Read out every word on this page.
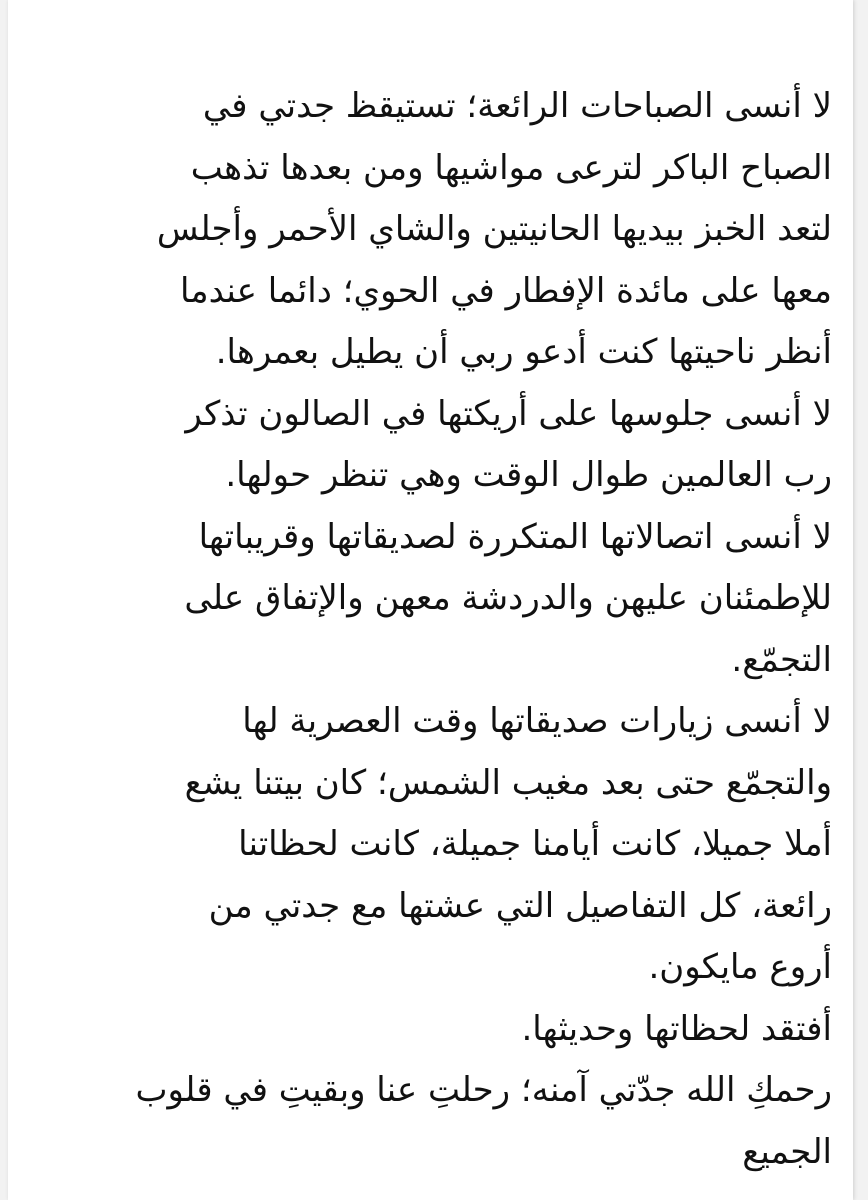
لا أنسى الصباحات الرائعة؛ تستيقظ جدتي في
الصباح الباكر لترعى مواشيها ومن بعدها تذهب
لتعد الخبز بيديها الحانيتين والشاي الأحمر وأجلس
معها على مائدة الإفطار في الحوي؛ دائما عندما
أنظر ناحيتها كنت أدعو ربي أن يطيل بعمرها.
لا أنسى جلوسها على أريكتها في الصالون تذكر
رب العالمين طوال الوقت وهي تنظر حولها.
لا أنسى اتصالاتها المتكررة لصديقاتها وقريباتها
للإطمئنان عليهن والدردشة معهن والإتفاق على
التجمّع.
لا أنسى زيارات صديقاتها وقت العصرية لها
والتجمّع حتى بعد مغيب الشمس؛ كان بيتنا يشع
أملا جميلا، كانت أيامنا جميلة، كانت لحظاتنا
رائعة، كل التفاصيل التي عشتها مع جدتي من
أروع مايكون.
أفتقد لحظاتها وحديثها.
رحمكِ الله جدّتي آمنه؛ رحلتِ عنا وبقيتِ في قلوب
الجميع
